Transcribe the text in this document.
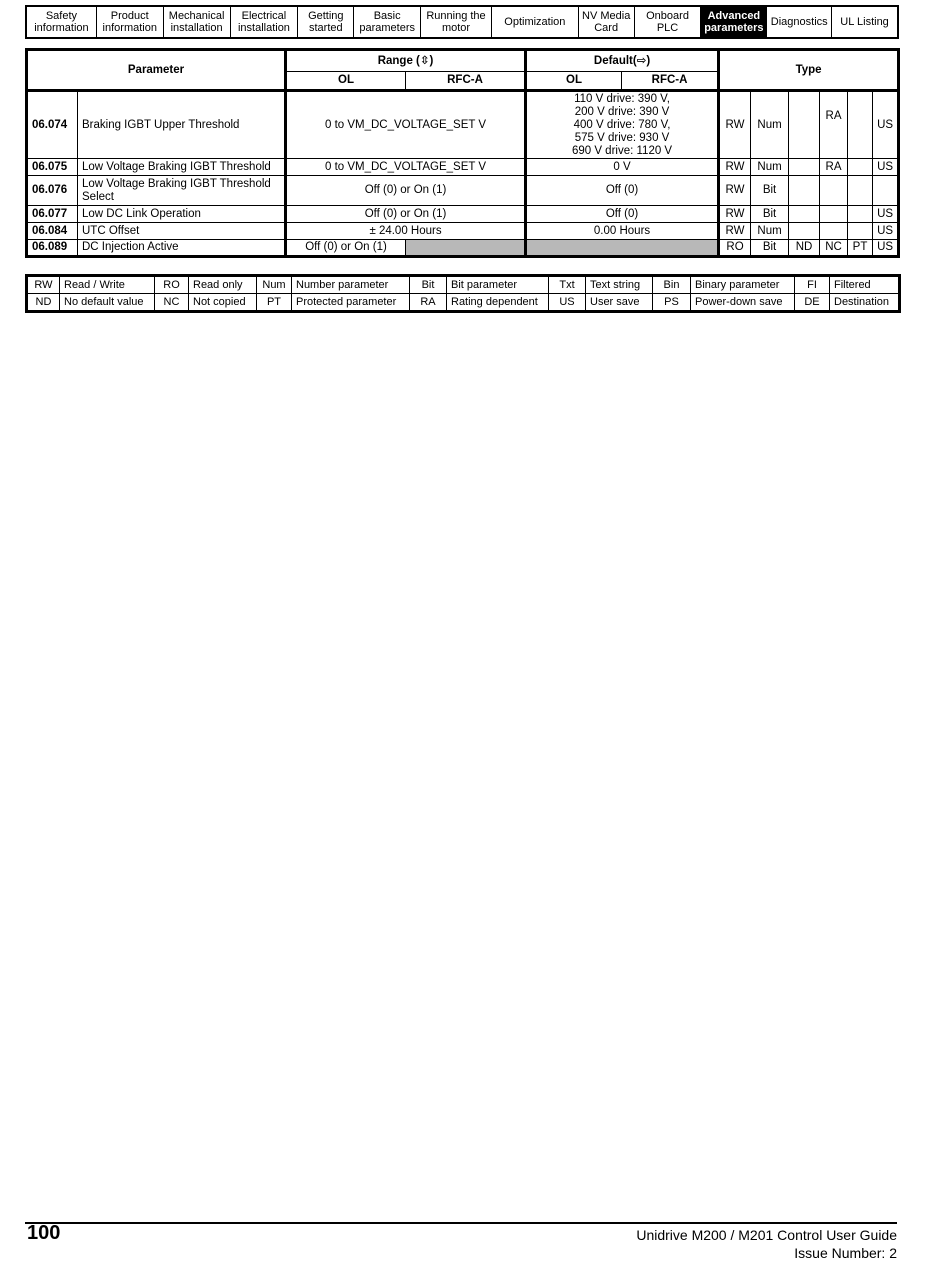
Safety
information
Product
information
Mechanical
installation
Electrical
installation
Getting
started
Basic
parameters
Running the
motor	Optimization	NV Media
Card
Onboard
PLC
Advanced
parameters Diagnostics	UL Listing
Parameter		Range (⇳)		Default(⇨)		Type					
		OL	RFC-A	OL	RFC-A						
06.074	Braking IGBT Upper Threshold	0 to VM_DC_VOLTAGE_SET V		110 V drive: 390 V,
200 V drive: 390 V
400 V drive: 780 V,
575 V drive: 930 V
690 V drive: 1120 V		RW	Num		RA		US
06.075	Low Voltage Braking IGBT Threshold	0 to VM_DC_VOLTAGE_SET V		0 V		RW	Num		RA		US
06.076	Low Voltage Braking IGBT Threshold Select	Off (0) or On (1)		Off (0)		RW	Bit				
06.077	Low DC Link Operation	Off (0) or On (1)		Off (0)		RW	Bit				US
06.084	UTC Offset	± 24.00 Hours		0.00 Hours		RW	Num				US
06.089	DC Injection Active	Off (0) or On (1)				RO	Bit	ND	NC	PT	US
RW	Read / Write	RO	Read only	Num	Number parameter	Bit	Bit parameter	Txt	Text string	Bin	Binary parameter	FI	Filtered
ND	No default value	NC	Not copied	PT	Protected parameter	RA	Rating dependent	US	User save	PS	Power-down save	DE	Destination
100	Unidrive M200 / M201 Control User Guide
Issue Number: 2
